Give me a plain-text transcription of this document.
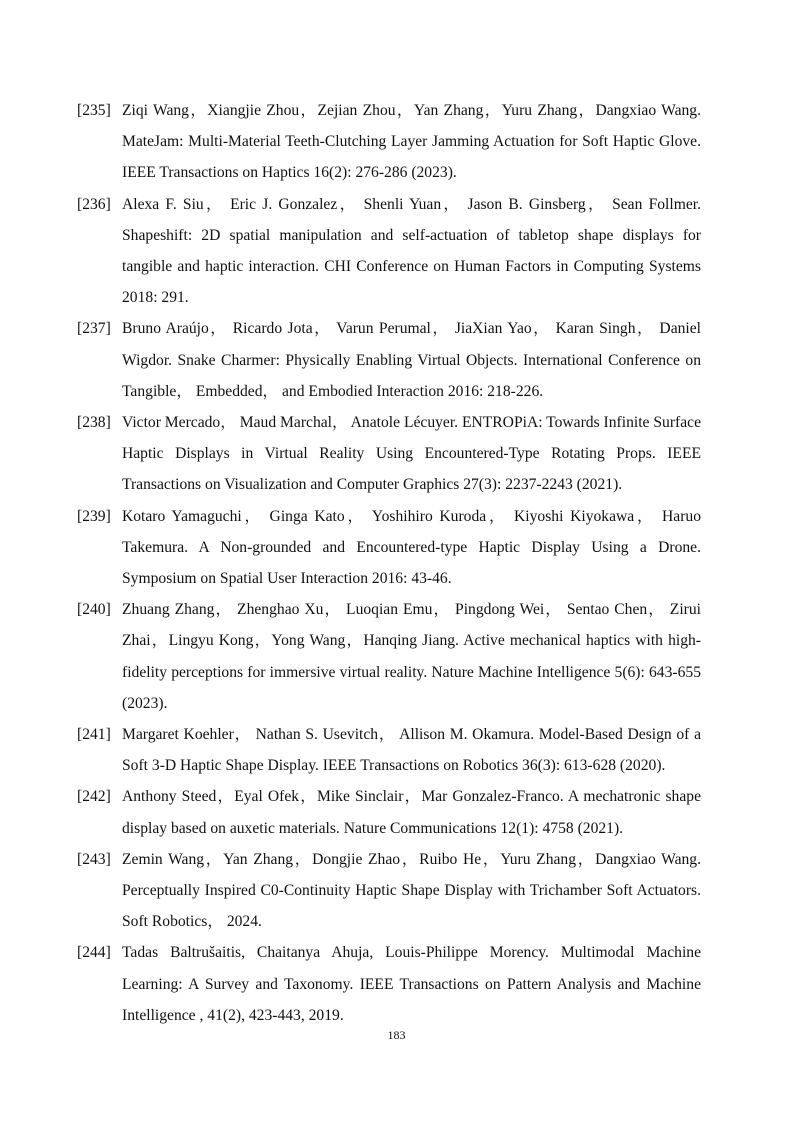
[235] Ziqi Wang，Xiangjie Zhou，Zejian Zhou，Yan Zhang，Yuru Zhang，Dangxiao Wang. MateJam: Multi-Material Teeth-Clutching Layer Jamming Actuation for Soft Haptic Glove. IEEE Transactions on Haptics 16(2): 276-286 (2023).
[236] Alexa F. Siu， Eric J. Gonzalez， Shenli Yuan， Jason B. Ginsberg， Sean Follmer. Shapeshift: 2D spatial manipulation and self-actuation of tabletop shape displays for tangible and haptic interaction. CHI Conference on Human Factors in Computing Systems 2018: 291.
[237] Bruno Araújo， Ricardo Jota， Varun Perumal， JiaXian Yao， Karan Singh， Daniel Wigdor. Snake Charmer: Physically Enabling Virtual Objects. International Conference on Tangible， Embedded， and Embodied Interaction 2016: 218-226.
[238] Victor Mercado， Maud Marchal， Anatole Lécuyer. ENTROPiA: Towards Infinite Surface Haptic Displays in Virtual Reality Using Encountered-Type Rotating Props. IEEE Transactions on Visualization and Computer Graphics 27(3): 2237-2243 (2021).
[239] Kotaro Yamaguchi， Ginga Kato， Yoshihiro Kuroda， Kiyoshi Kiyokawa， Haruo Takemura. A Non-grounded and Encountered-type Haptic Display Using a Drone. Symposium on Spatial User Interaction 2016: 43-46.
[240] Zhuang Zhang， Zhenghao Xu， Luoqian Emu， Pingdong Wei， Sentao Chen， Zirui Zhai，Lingyu Kong，Yong Wang，Hanqing Jiang. Active mechanical haptics with high-fidelity perceptions for immersive virtual reality. Nature Machine Intelligence 5(6): 643-655 (2023).
[241] Margaret Koehler， Nathan S. Usevitch， Allison M. Okamura. Model-Based Design of a Soft 3-D Haptic Shape Display. IEEE Transactions on Robotics 36(3): 613-628 (2020).
[242] Anthony Steed，Eyal Ofek，Mike Sinclair，Mar Gonzalez-Franco. A mechatronic shape display based on auxetic materials. Nature Communications 12(1): 4758 (2021).
[243] Zemin Wang，Yan Zhang，Dongjie Zhao，Ruibo He，Yuru Zhang，Dangxiao Wang. Perceptually Inspired C0-Continuity Haptic Shape Display with Trichamber Soft Actuators. Soft Robotics， 2024.
[244] Tadas Baltrušaitis, Chaitanya Ahuja, Louis-Philippe Morency. Multimodal Machine Learning: A Survey and Taxonomy. IEEE Transactions on Pattern Analysis and Machine Intelligence , 41(2), 423-443, 2019.
183
